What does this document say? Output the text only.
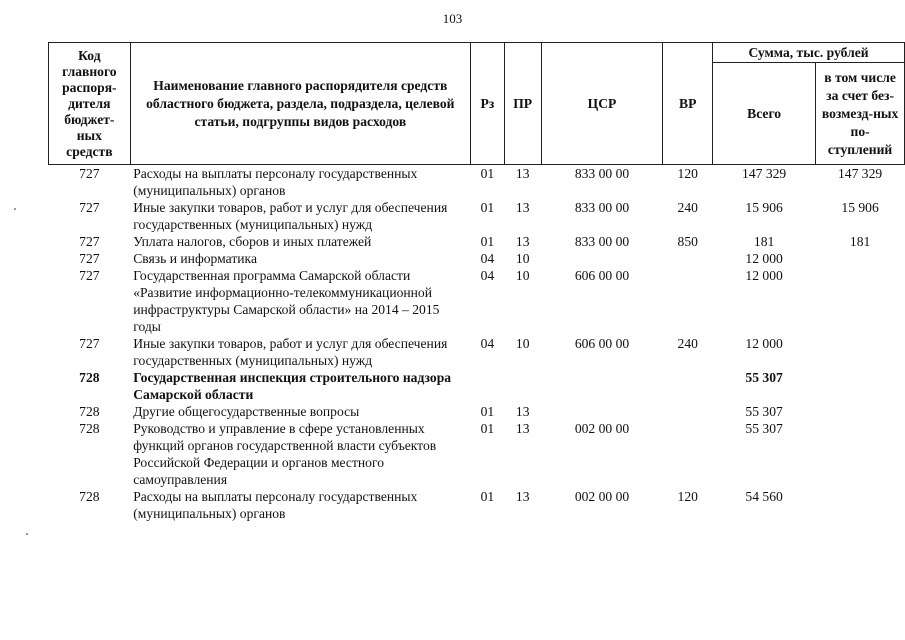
103
Код главного распоря-дителя бюджет-ных средств	Наименование главного распорядителя средств областного бюджета, раздела, подраздела, целевой статьи, подгруппы видов расходов	Рз	ПР	ЦСР	ВР	Сумма, тыс. рублей	
						Всего	в том числе за счет без-возмезд-ных по-ступлений
727	Расходы на выплаты персоналу государственных (муниципальных) органов	01	13	833 00 00	120	147 329	147 329
727	Иные закупки товаров, работ и услуг для обеспечения государственных (муниципальных) нужд	01	13	833 00 00	240	15 906	15 906
727	Уплата налогов, сборов и иных платежей	01	13	833 00 00	850	181	181
727	Связь и информатика	04	10			12 000	
727	Государственная программа Самарской области «Развитие информационно-телекоммуникационной инфраструктуры Самарской области» на 2014 – 2015 годы	04	10	606 00 00		12 000	
727	Иные закупки товаров, работ и услуг для обеспечения государственных (муниципальных) нужд	04	10	606 00 00	240	12 000	
728	Государственная инспекция строительного надзора Самарской области					55 307	
728	Другие общегосударственные вопросы	01	13			55 307	
728	Руководство и управление в сфере установленных функций органов государственной власти субъектов Российской Федерации и органов местного самоуправления	01	13	002 00 00		55 307	
728	Расходы на выплаты персоналу государственных (муниципальных) органов	01	13	002 00 00	120	54 560	
